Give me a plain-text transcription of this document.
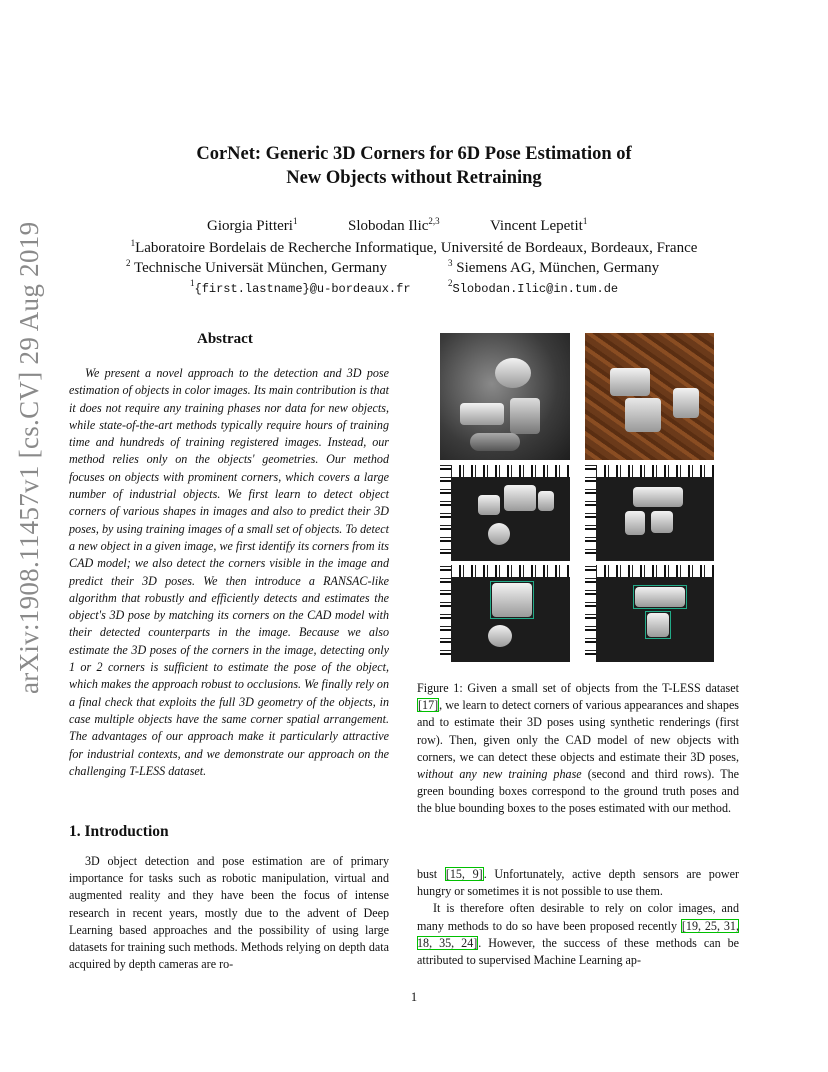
CorNet: Generic 3D Corners for 6D Pose Estimation of
New Objects without Retraining
Giorgia Pitteri$^1$	Slobodan Ilic$^{2,3}$	Vincent Lepetit$^1$
$^1$Laboratoire Bordelais de Recherche Informatique, Université de Bordeaux, Bordeaux, France
$^2$ Technische Universät München, Germany	$^3$ Siemens AG, München, Germany
$^1${first.lastname}@u-bordeaux.fr	$^2$Slobodan.Ilic@in.tum.de
arXiv:1908.11457v1 [cs.CV] 29 Aug 2019	Abstract
We present a novel approach to the detection and 3D pose estimation of objects in color images. Its main contribution is that it does not require any training phases nor data for new objects, while state-of-the-art methods typically require hours of training time and hundreds of training registered images. Instead, our method relies only on the objects' geometries. Our method focuses on objects with prominent corners, which covers a large number of industrial objects. We first learn to detect object corners of various shapes in images and also to predict their 3D poses, by using training images of a small set of objects. To detect a new object in a given image, we first identify its corners from its CAD model; we also detect the corners visible in the image and predict their 3D poses. We then introduce a RANSAC-like algorithm that robustly and efficiently detects and estimates the object's 3D pose by matching its corners on the CAD model with their detected counterparts in the image. Because we also estimate the 3D poses of the corners in the image, detecting only 1 or 2 corners is sufficient to estimate the pose of the object, which makes the approach robust to occlusions. We finally rely on a final check that exploits the full 3D geometry of the objects, in case multiple objects have the same corner spatial arrangement. The advantages of our approach make it particularly attractive for industrial contexts, and we demonstrate our approach on the challenging T-LESS dataset.
Figure 1: Given a small set of objects from the T-LESS dataset [17], we learn to detect corners of various appearances and shapes and to estimate their 3D poses using synthetic renderings (first row). Then, given only the CAD model of new objects with corners, we can detect these objects and estimate their 3D poses, without any new training phase (second and third rows). The green bounding boxes correspond to the ground truth poses and the blue bounding boxes to the poses estimated with our method.
1. Introduction
3D object detection and pose estimation are of primary importance for tasks such as robotic manipulation, virtual and augmented reality and they have been the focus of intense research in recent years, mostly due to the advent of Deep Learning based approaches and the possibility of using large datasets for training such methods. Methods relying on depth data acquired by depth cameras are ro-
bust [15, 9]. Unfortunately, active depth sensors are power hungry or sometimes it is not possible to use them.
It is therefore often desirable to rely on color images, and many methods to do so have been proposed recently [19, 25, 31, 18, 35, 24]. However, the success of these methods can be attributed to supervised Machine Learning ap-
1
